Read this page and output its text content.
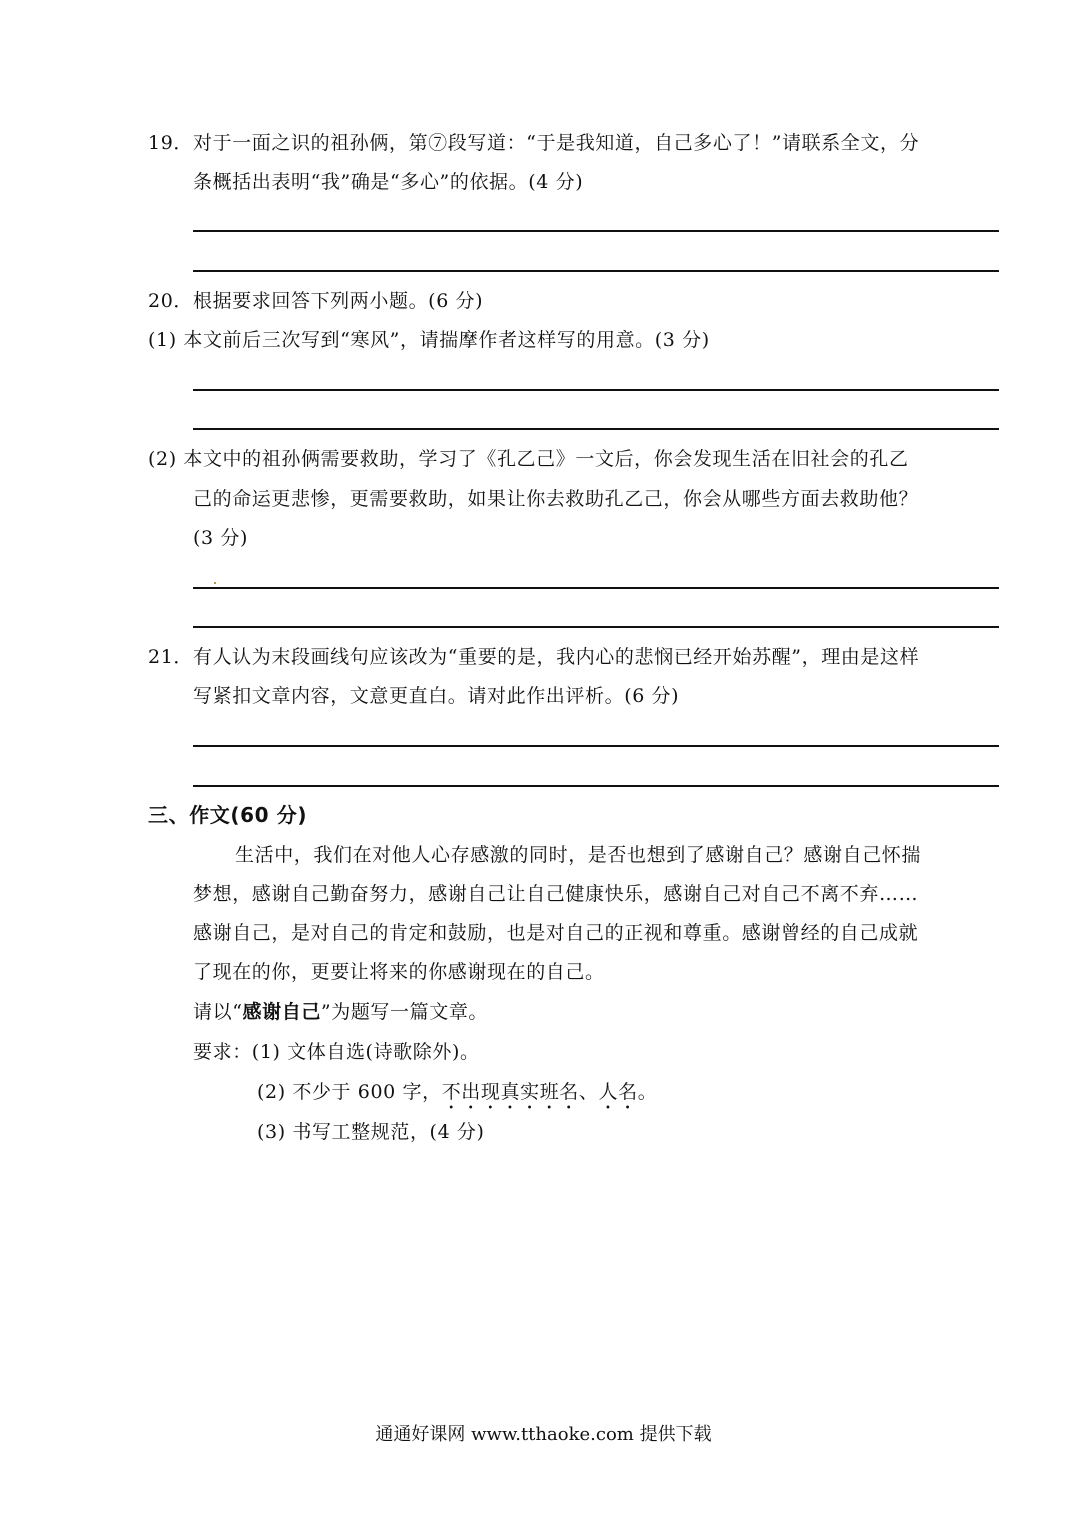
19．对于一面之识的祖孙俩，第⑦段写道：“于是我知道，自己多心了！”请联系全文，分
条概括出表明“我”确是“多心”的依据。(4 分)
20．根据要求回答下列两小题。(6 分)
(1) 本文前后三次写到“寒风”，请揣摩作者这样写的用意。(3 分)
(2) 本文中的祖孙俩需要救助，学习了《孔乙己》一文后，你会发现生活在旧社会的孔乙
己的命运更悲惨，更需要救助，如果让你去救助孔乙己，你会从哪些方面去救助他？
(3 分)
21．有人认为末段画线句应该改为“重要的是，我内心的悲悯已经开始苏醒”，理由是这样
写紧扣文章内容，文意更直白。请对此作出评析。(6 分)
三、作文(60 分)
生活中，我们在对他人心存感激的同时，是否也想到了感谢自己？感谢自己怀揣
梦想，感谢自己勤奋努力，感谢自己让自己健康快乐，感谢自己对自己不离不弃……
感谢自己，是对自己的肯定和鼓励，也是对自己的正视和尊重。感谢曾经的自己成就
了现在的你，更要让将来的你感谢现在的自己。
请以“感谢自己”为题写一篇文章。
要求：(1) 文体自选(诗歌除外)。
(2) 不少于 600 字，不出现真实班名、人名。
(3) 书写工整规范，(4 分)
通通好课网 www.tthaoke.com 提供下载
